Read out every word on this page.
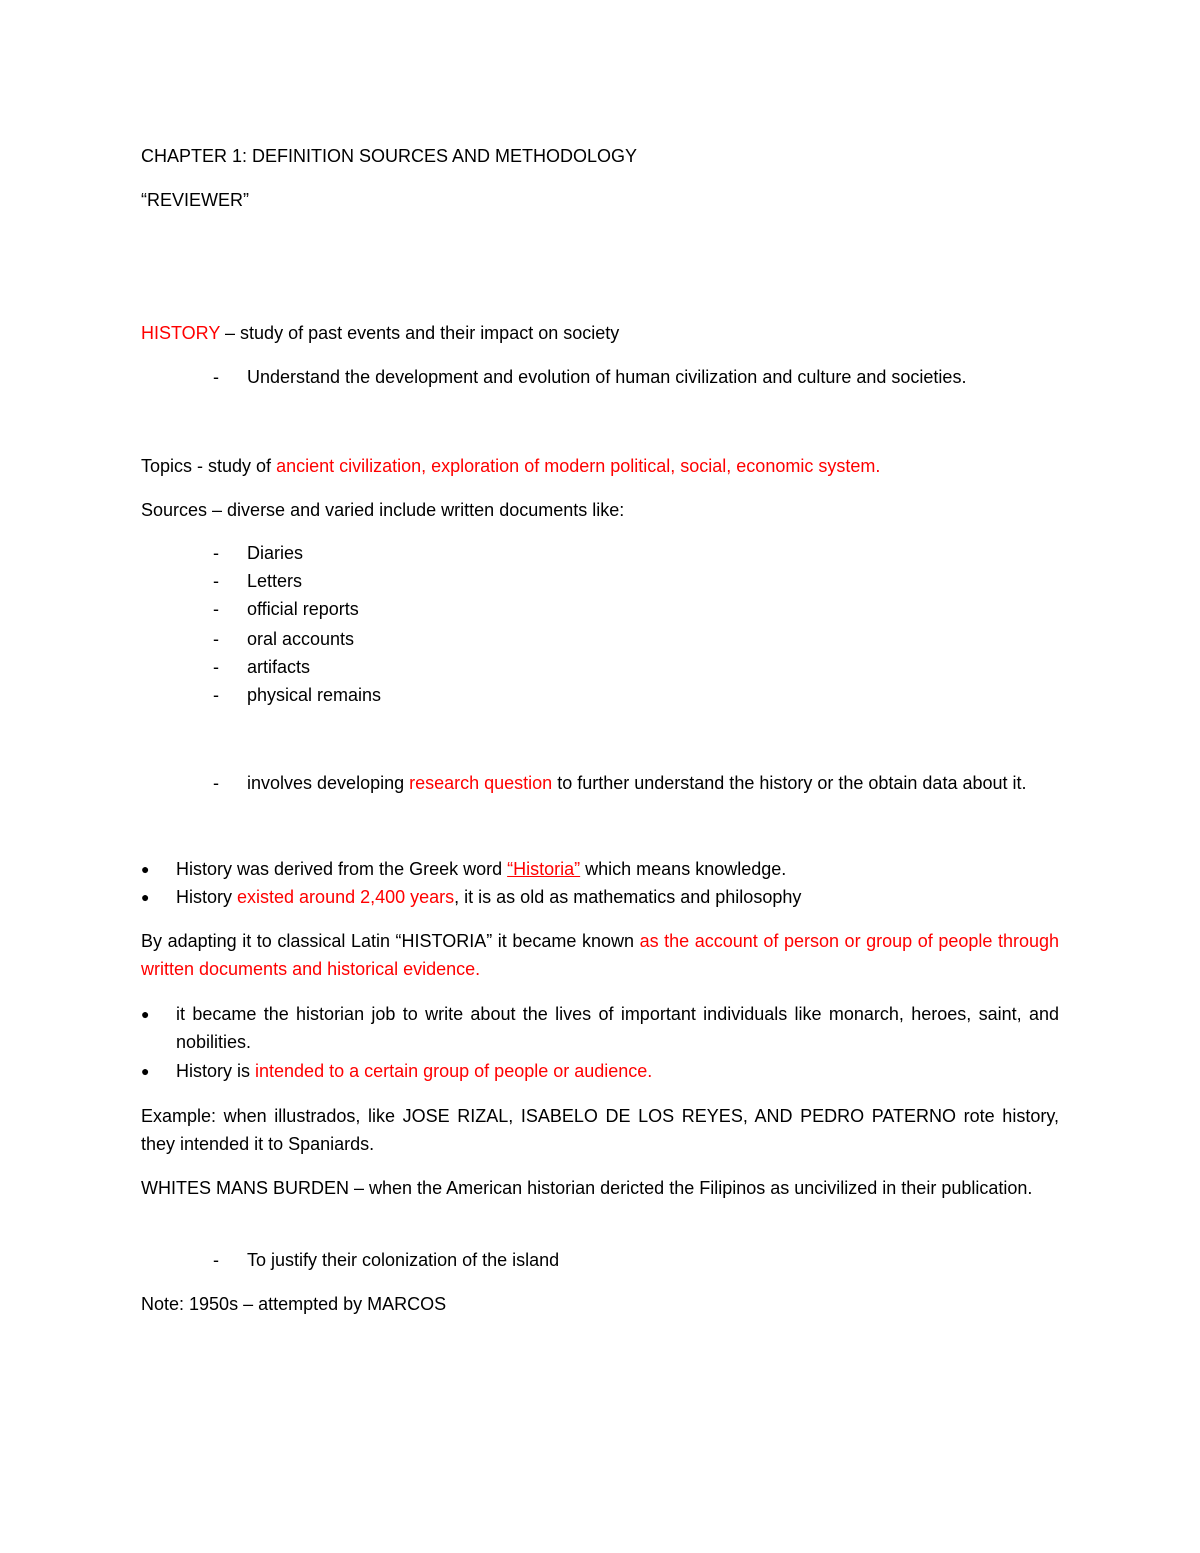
CHAPTER 1: DEFINITION SOURCES AND METHODOLOGY
“REVIEWER”
HISTORY – study of past events and their impact on society
- Understand the development and evolution of human civilization and culture and societies.
Topics - study of ancient civilization, exploration of modern political, social, economic system.
Sources – diverse and varied include written documents like:
- Diaries
- Letters
- official reports
- oral accounts
- artifacts
- physical remains
- involves developing research question to further understand the history or the obtain data about it.
● History was derived from the Greek word “Historia” which means knowledge.
● History existed around 2,400 years, it is as old as mathematics and philosophy
By adapting it to classical Latin “HISTORIA” it became known as the account of person or group of people through written documents and historical evidence.
● it became the historian job to write about the lives of important individuals like monarch, heroes, saint, and nobilities.
● History is intended to a certain group of people or audience.
Example: when illustrados, like JOSE RIZAL, ISABELO DE LOS REYES, AND PEDRO PATERNO rote history, they intended it to Spaniards.
WHITES MANS BURDEN – when the American historian dericted the Filipinos as uncivilized in their publication.
- To justify their colonization of the island
Note: 1950s – attempted by MARCOS
